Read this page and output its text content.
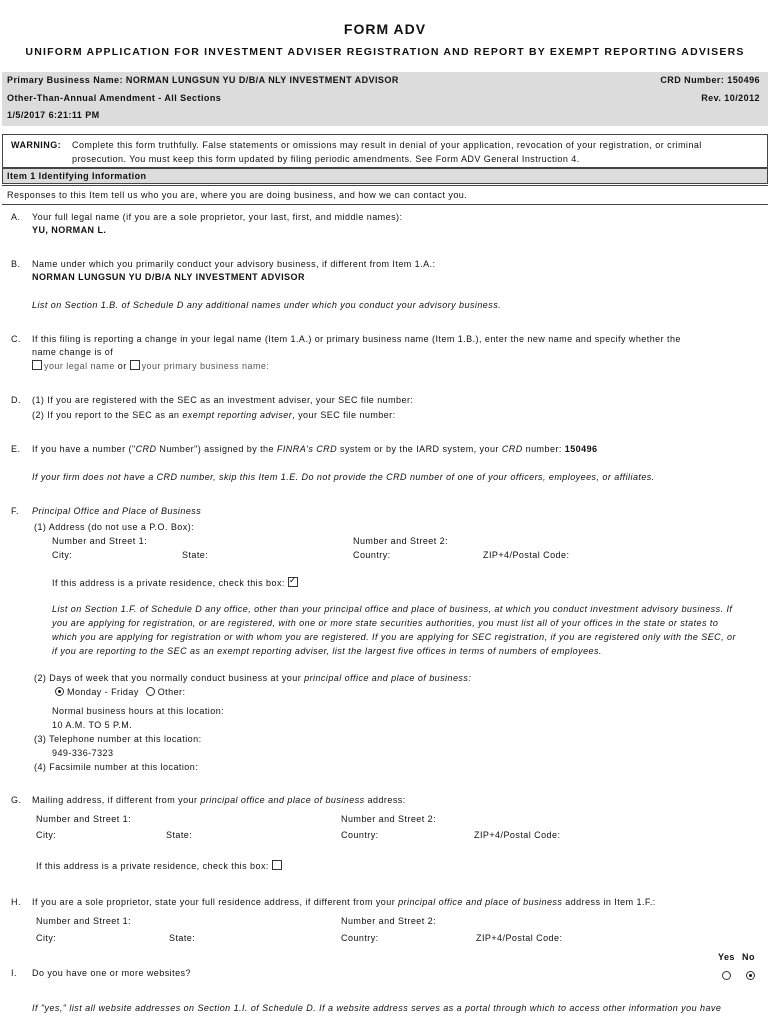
FORM ADV
UNIFORM APPLICATION FOR INVESTMENT ADVISER REGISTRATION AND REPORT BY EXEMPT REPORTING ADVISERS
Primary Business Name: NORMAN LUNGSUN YU D/B/A NLY INVESTMENT ADVISOR	CRD Number: 150496
Other-Than-Annual Amendment - All Sections	Rev. 10/2012
1/5/2017 6:21:11 PM
WARNING: Complete this form truthfully. False statements or omissions may result in denial of your application, revocation of your registration, or criminal
prosecution. You must keep this form updated by filing periodic amendments. See Form ADV General Instruction 4.
Item 1 Identifying Information
Responses to this Item tell us who you are, where you are doing business, and how we can contact you.
A. Your full legal name (if you are a sole proprietor, your last, first, and middle names):
YU, NORMAN L.
B. Name under which you primarily conduct your advisory business, if different from Item 1.A.:
NORMAN LUNGSUN YU D/B/A NLY INVESTMENT ADVISOR
List on Section 1.B. of Schedule D any additional names under which you conduct your advisory business.
C. If this filing is reporting a change in your legal name (Item 1.A.) or primary business name (Item 1.B.), enter the new name and specify whether the
name change is of
your legal name or your primary business name:
D. (1) If you are registered with the SEC as an investment adviser, your SEC file number:
(2) If you report to the SEC as an exempt reporting adviser, your SEC file number:
E. If you have a number ("CRD Number") assigned by the FINRA's CRD system or by the IARD system, your CRD number: 150496
If your firm does not have a CRD number, skip this Item 1.E. Do not provide the CRD number of one of your officers, employees, or affiliates.
F. Principal Office and Place of Business
(1) Address (do not use a P.O. Box):
Number and Street 1:	Number and Street 2:
City:	State:	Country:	ZIP+4/Postal Code:
If this address is a private residence, check this box: ✓
List on Section 1.F. of Schedule D any office, other than your principal office and place of business, at which you conduct investment advisory business. If
you are applying for registration, or are registered, with one or more state securities authorities, you must list all of your offices in the state or states to
which you are applying for registration or with whom you are registered. If you are applying for SEC registration, if you are registered only with the SEC, or
if you are reporting to the SEC as an exempt reporting adviser, list the largest five offices in terms of numbers of employees.
(2) Days of week that you normally conduct business at your principal office and place of business:
Monday - Friday Other:
Normal business hours at this location:
10 A.M. TO 5 P.M.
(3) Telephone number at this location:
949-336-7323
(4) Facsimile number at this location:
G. Mailing address, if different from your principal office and place of business address:
Number and Street 1:	Number and Street 2:
City:	State:	Country:	ZIP+4/Postal Code:
If this address is a private residence, check this box:
H. If you are a sole proprietor, state your full residence address, if different from your principal office and place of business address in Item 1.F.:
Number and Street 1:	Number and Street 2:
City:	State:	Country:	ZIP+4/Postal Code:
Yes No
I. Do you have one or more websites?
If "yes," list all website addresses on Section 1.I. of Schedule D. If a website address serves as a portal through which to access other information you have
